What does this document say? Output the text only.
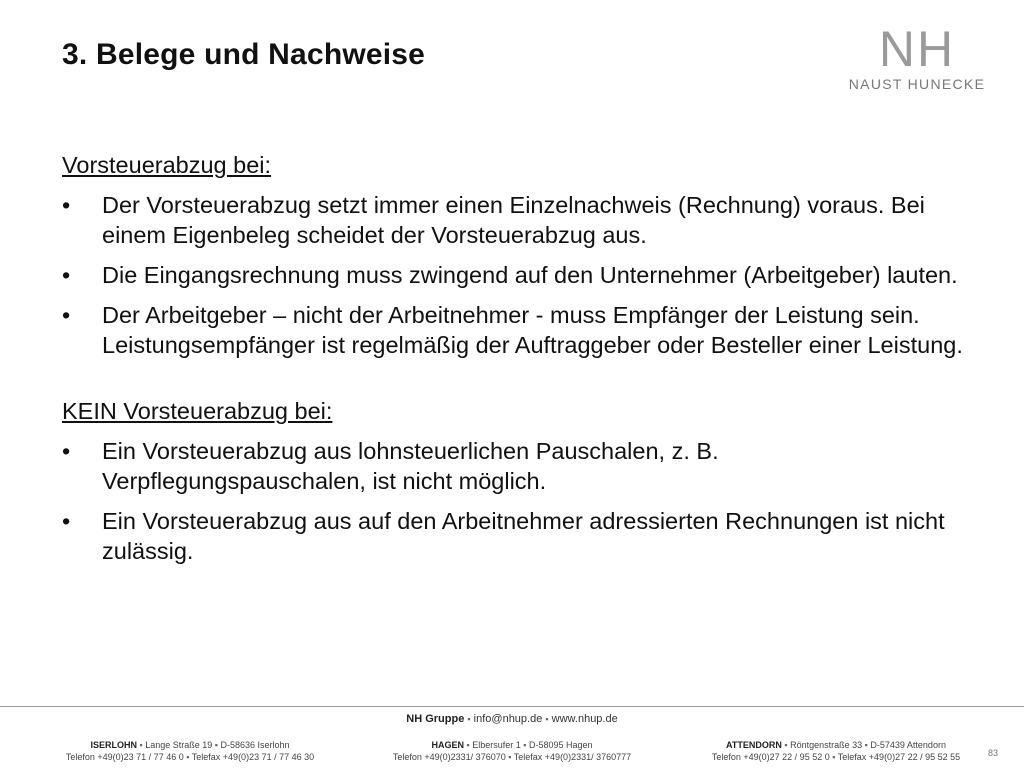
3. Belege und Nachweise	NH
NAUST HUNECKE
Vorsteuerabzug bei:
• Der Vorsteuerabzug setzt immer einen Einzelnachweis (Rechnung) voraus. Bei einem Eigenbeleg scheidet der Vorsteuerabzug aus.
• Die Eingangsrechnung muss zwingend auf den Unternehmer (Arbeitgeber) lauten.
• Der Arbeitgeber – nicht der Arbeitnehmer - muss Empfänger der Leistung sein. Leistungsempfänger ist regelmäßig der Auftraggeber oder Besteller einer Leistung.
KEIN Vorsteuerabzug bei:
• Ein Vorsteuerabzug aus lohnsteuerlichen Pauschalen, z. B. Verpflegungspauschalen, ist nicht möglich.
• Ein Vorsteuerabzug aus auf den Arbeitnehmer adressierten Rechnungen ist nicht zulässig.
NH Gruppe ▪ info@nhup.de ▪ www.nhup.de
ISERLOHN ▪ Lange Straße 19 ▪ D-58636 Iserlohn
Telefon +49(0)23 71 / 77 46 0 ▪ Telefax +49(0)23 71 / 77 46 30
HAGEN ▪ Elbersufer 1 ▪ D-58095 Hagen
Telefon +49(0)2331/ 376070 ▪ Telefax +49(0)2331/ 3760777
ATTENDORN ▪ Röntgenstraße 33 ▪ D-57439 Attendorn
Telefon +49(0)27 22 / 95 52 0 ▪ Telefax +49(0)27 22 / 95 52 55	83
